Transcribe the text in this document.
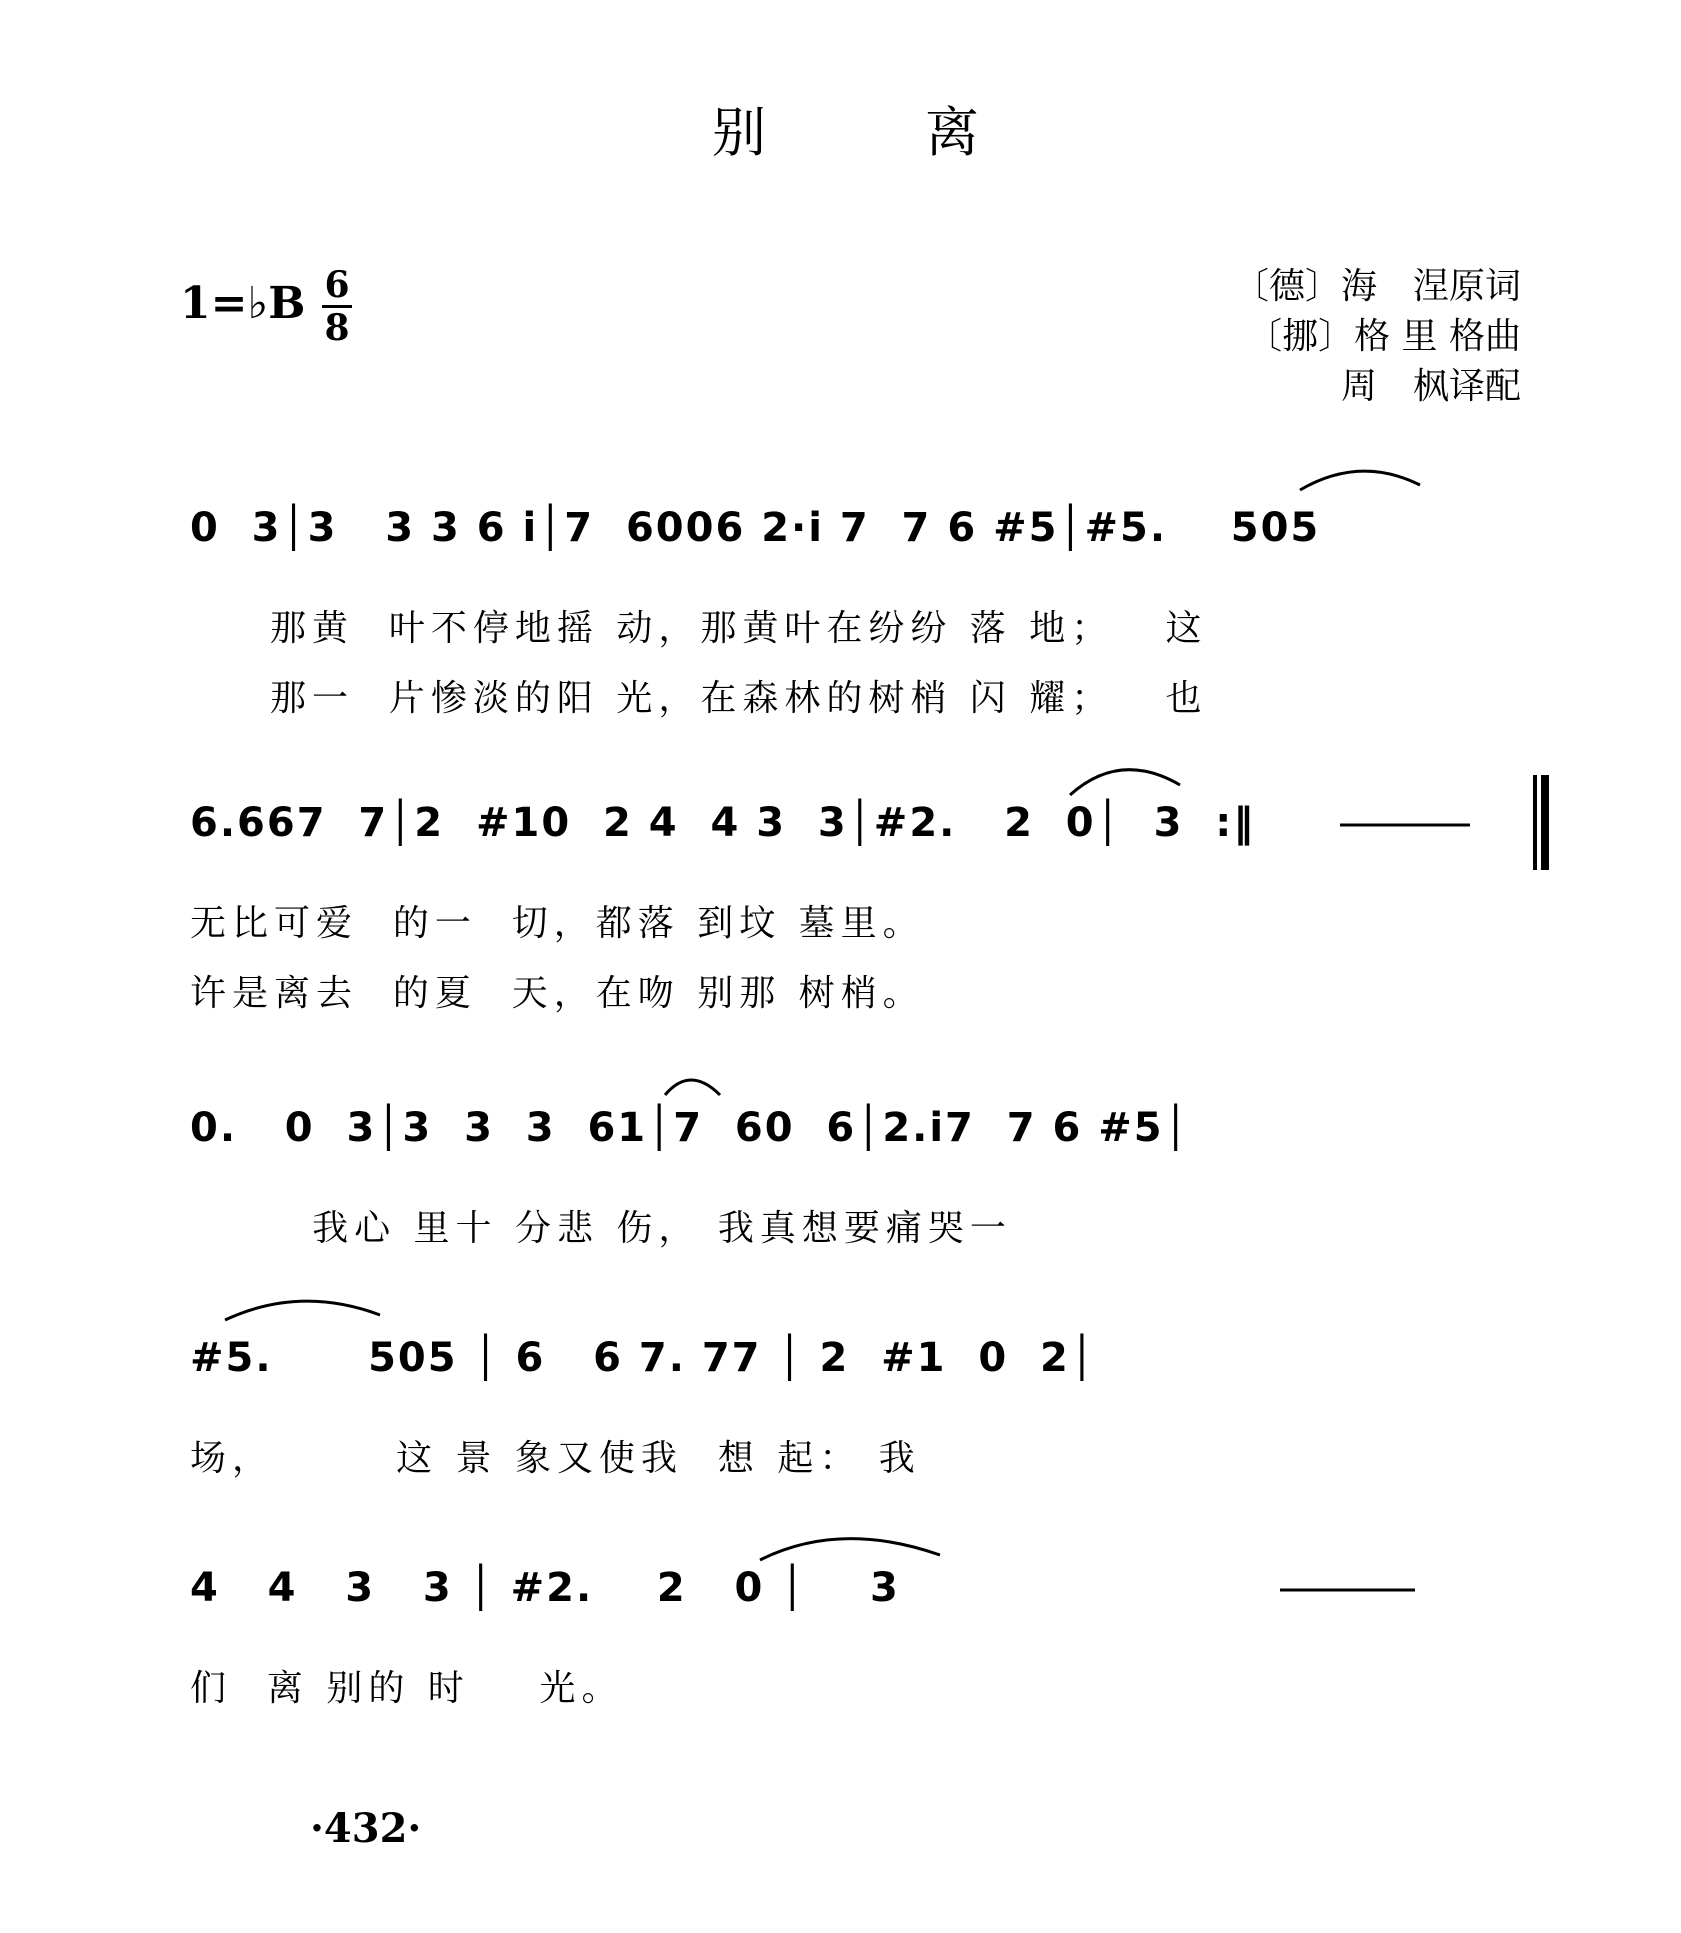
别	离
1=♭B 6
8
〔德〕海　涅原词
〔挪〕格 里 格曲
周　枫译配
0  3│3   3 3 6 i│7  6006 2·i 7  7 6 #5│#5.    505
那黄  叶不停地摇 动，那黄叶在纷纷 落 地；   这
那一  片惨淡的阳 光，在森林的树梢 闪 耀；   也
6.667  7│2  #10  2 4  4 3  3│#2.   2  0│  3  :‖
无比可爱  的一  切，都落 到坟 墓里。
许是离去  的夏  天，在吻 别那 树梢。
0.   0  3│3  3  3  61│7  60  6│2.i7  7 6 #5│
我心 里十 分悲 伤， 我真想要痛哭一
#5.      505 │ 6   6 7. 77 │ 2  #1  0  2│
场，       这 景 象又使我  想 起： 我
4   4   3   3 │ #2.    2   0 │    3
们  离 别的 时    光。
·432·
